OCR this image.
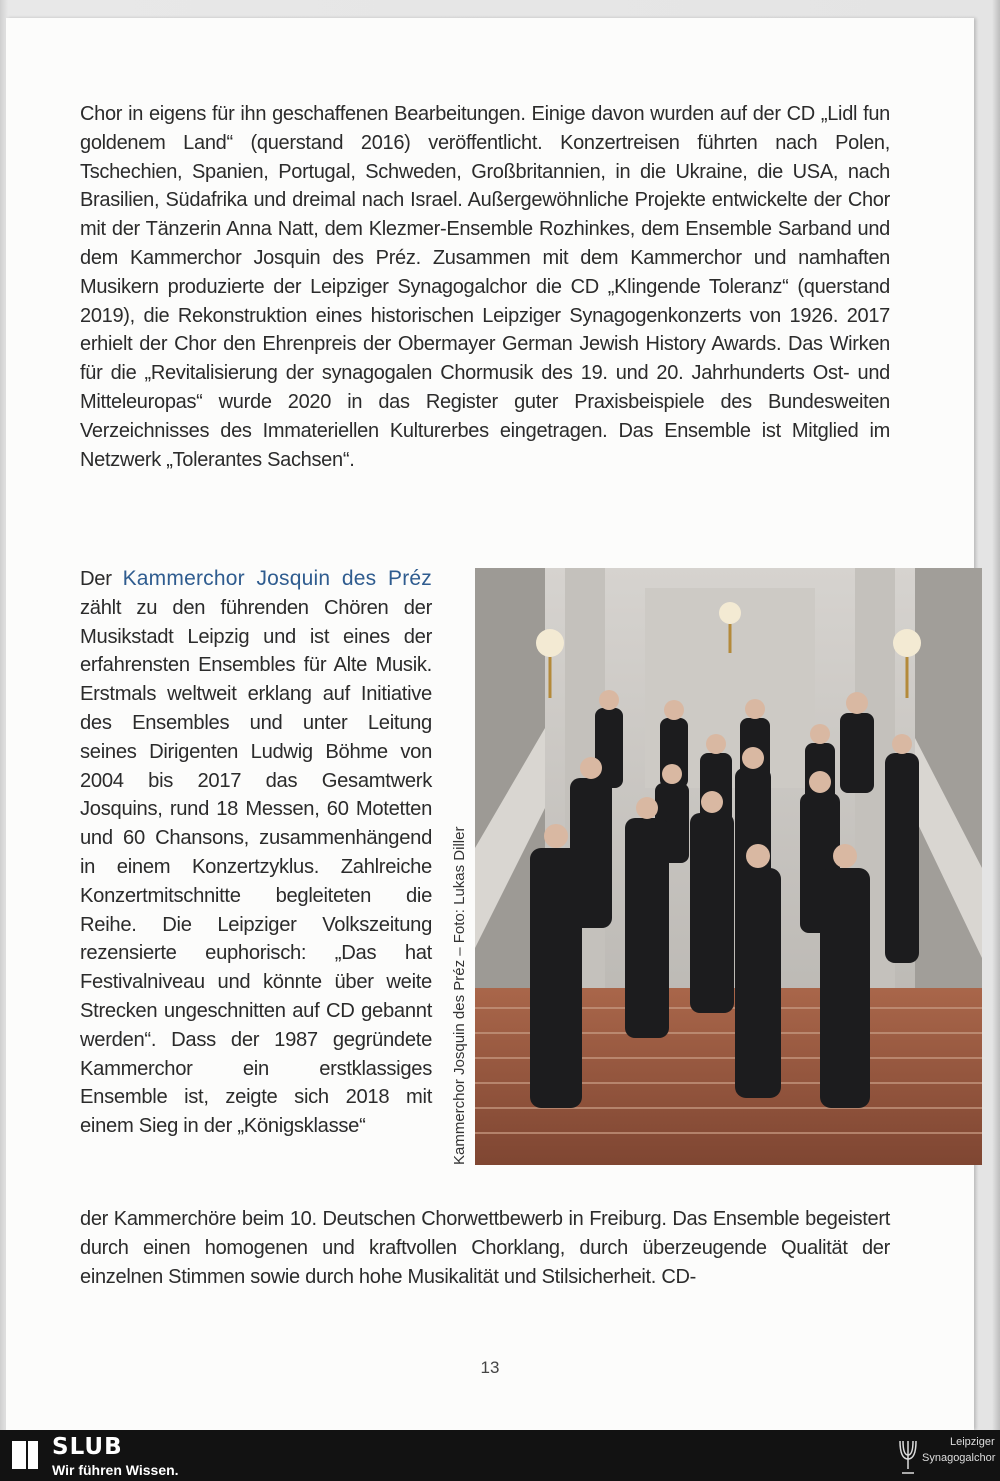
Chor in eigens für ihn geschaffenen Bearbeitungen. Einige davon wurden auf der CD „Lidl fun goldenem Land“ (querstand 2016) veröffentlicht. Konzertreisen führten nach Polen, Tschechien, Spanien, Portugal, Schweden, Großbritannien, in die Ukraine, die USA, nach Brasilien, Südafrika und dreimal nach Israel. Außergewöhnliche Projekte entwickelte der Chor mit der Tänzerin Anna Natt, dem Klezmer-Ensemble Rozhinkes, dem Ensemble Sarband und dem Kammerchor Josquin des Préz. Zusammen mit dem Kammerchor und namhaften Musikern produzierte der Leipziger Synagogalchor die CD „Klingende Toleranz“ (querstand 2019), die Rekonstruktion eines historischen Leipziger Synagogenkonzerts von 1926. 2017 erhielt der Chor den Ehrenpreis der Obermayer German Jewish History Awards. Das Wirken für die „Revitalisierung der synagogalen Chormusik des 19. und 20. Jahrhunderts Ost- und Mitteleuropas“ wurde 2020 in das Register guter Praxisbeispiele des Bundesweiten Verzeichnisses des Immateriellen Kulturerbes eingetragen. Das Ensemble ist Mitglied im Netzwerk „Tolerantes Sachsen“.

Der Kammerchor Josquin des Préz zählt zu den führenden Chören der Musikstadt Leipzig und ist eines der erfahrensten Ensembles für Alte Musik. Erstmals weltweit erklang auf Initiative des Ensembles und unter Leitung seines Dirigenten Ludwig Böhme von 2004 bis 2017 das Gesamtwerk Josquins, rund 18 Messen, 60 Motetten und 60 Chansons, zusammenhängend in einem Konzertzyklus. Zahlreiche Konzertmitschnitte begleiteten die Reihe. Die Leipziger Volkszeitung rezensierte euphorisch: „Das hat Festivalniveau und könnte über weite Strecken ungeschnitten auf CD gebannt werden“. Dass der 1987 gegründete Kammerchor ein erstklassiges Ensemble ist, zeigte sich 2018 mit einem Sieg in der „Königsklasse“	Kammerchor Josquin des Préz – Foto: Lukas Diller

der Kammerchöre beim 10. Deutschen Chorwettbewerb in Freiburg. Das Ensemble begeistert durch einen homogenen und kraftvollen Chorklang, durch überzeugende Qualität der einzelnen Stimmen sowie durch hohe Musikalität und Stilsicherheit. CD-

13
SLUB
Wir führen Wissen.
Leipziger
Synagogalchor
